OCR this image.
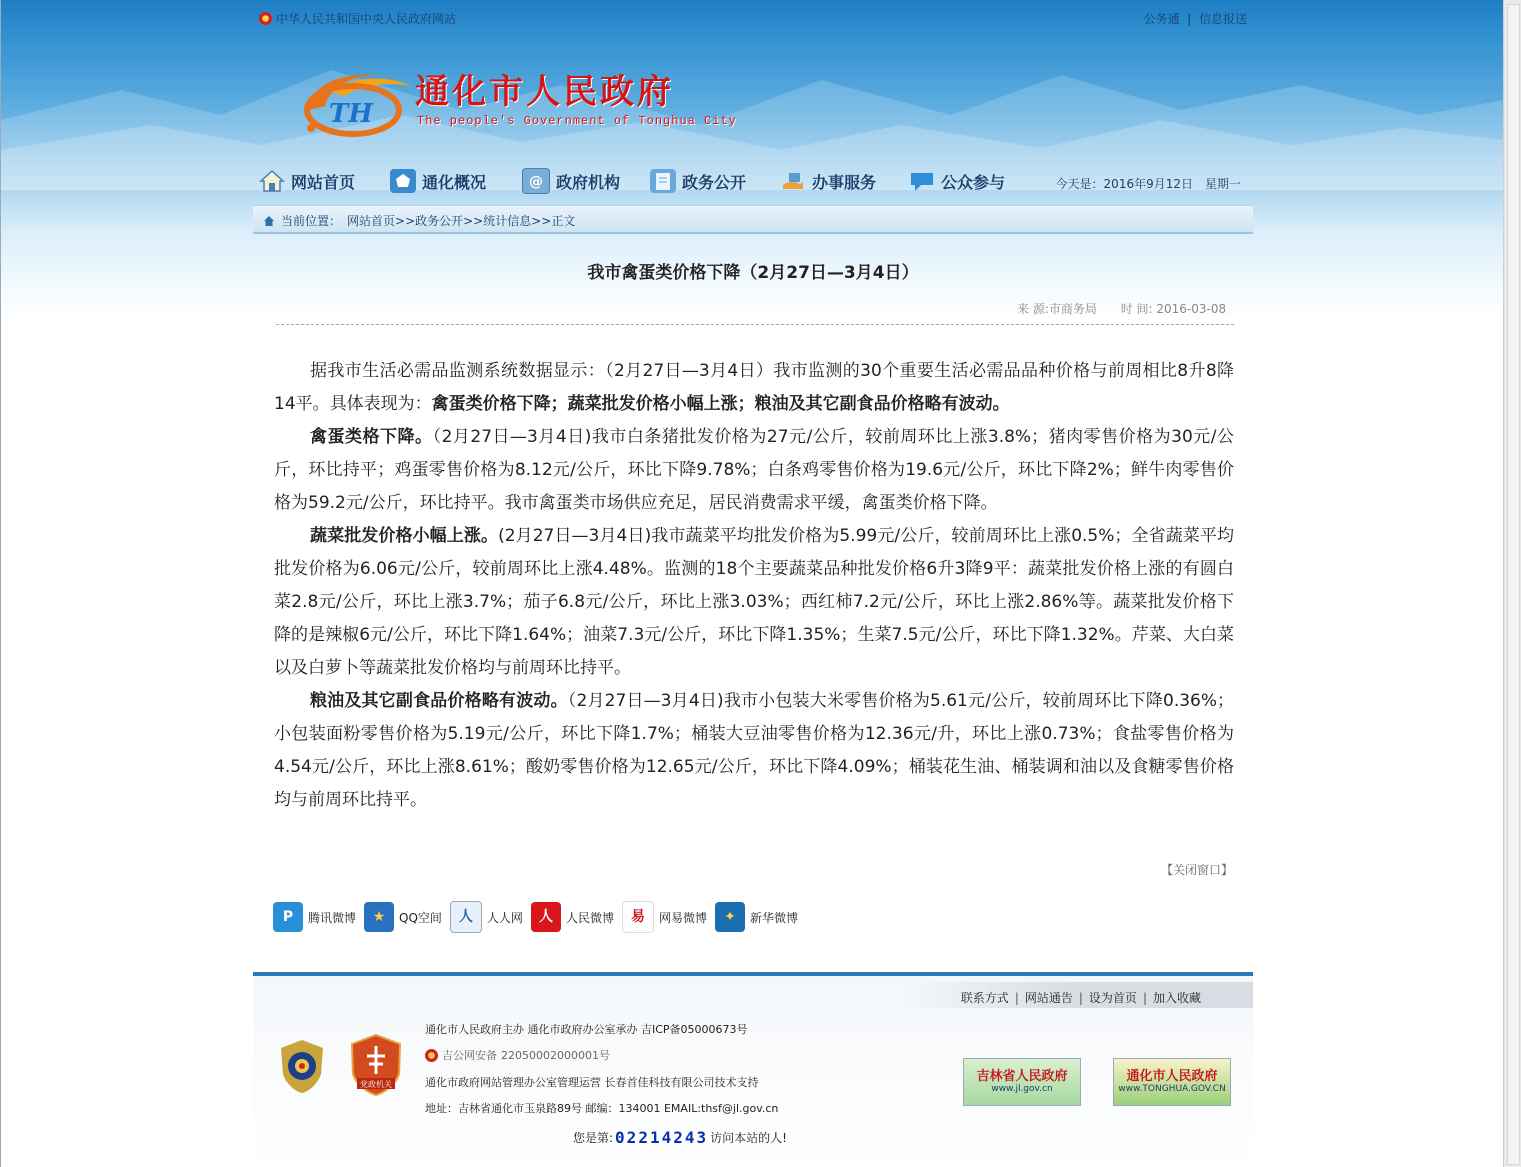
中华人民共和国中央人民政府网站	公务通  |  信息报送
TH
通化市人民政府
The people's Government of Tonghua City
网站首页	通化概况	@ 政府机构	政务公开	办事服务	公众参与	今天是：2016年9月12日　星期一
当前位置： 网站首页>>政务公开>>统计信息>>正文
我市禽蛋类价格下降（2月27日—3月4日）
来 源:市商务局 时 间: 2016-03-08

据我市生活必需品监测系统数据显示：（2月27日—3月4日）我市监测的30个重要生活必需品品种价格与前周相比8升8降14平。具体表现为：禽蛋类价格下降；蔬菜批发价格小幅上涨；粮油及其它副食品价格略有波动。

禽蛋类格下降。（2月27日—3月4日)我市白条猪批发价格为27元/公斤，较前周环比上涨3.8%；猪肉零售价格为30元/公斤，环比持平；鸡蛋零售价格为8.12元/公斤，环比下降9.78%；白条鸡零售价格为19.6元/公斤，环比下降2%；鲜牛肉零售价格为59.2元/公斤，环比持平。我市禽蛋类市场供应充足，居民消费需求平缓，禽蛋类价格下降。

蔬菜批发价格小幅上涨。(2月27日—3月4日)我市蔬菜平均批发价格为5.99元/公斤，较前周环比上涨0.5%；全省蔬菜平均批发价格为6.06元/公斤，较前周环比上涨4.48%。监测的18个主要蔬菜品种批发价格6升3降9平：蔬菜批发价格上涨的有圆白菜2.8元/公斤，环比上涨3.7%；茄子6.8元/公斤，环比上涨3.03%；西红柿7.2元/公斤，环比上涨2.86%等。蔬菜批发价格下降的是辣椒6元/公斤，环比下降1.64%；油菜7.3元/公斤，环比下降1.35%；生菜7.5元/公斤，环比下降1.32%。芹菜、大白菜以及白萝卜等蔬菜批发价格均与前周环比持平。

粮油及其它副食品价格略有波动。（2月27日—3月4日)我市小包装大米零售价格为5.61元/公斤，较前周环比下降0.36%；小包装面粉零售价格为5.19元/公斤，环比下降1.7%；桶装大豆油零售价格为12.36元/升，环比上涨0.73%；食盐零售价格为4.54元/公斤，环比上涨8.61%；酸奶零售价格为12.65元/公斤，环比下降4.09%；桶装花生油、桶装调和油以及食糖零售价格均与前周环比持平。

【关闭窗口】
P	腾讯微博	★	QQ空间	人	人人网	人	人民微博	易	网易微博	✦	新华微博
联系方式 | 网站通告 | 设为首页 | 加入收藏
党政机关
通化市人民政府主办 通化市政府办公室承办 吉ICP备05000673号
吉公网安备 22050002000001号
通化市政府网站管理办公室管理运营 长春首佳科技有限公司技术支持
地址：吉林省通化市玉泉路89号 邮编：134001 EMAIL:thsf@jl.gov.cn
吉林省人民政府
www.jl.gov.cn
通化市人民政府
www.TONGHUA.GOV.CN
您是第: 02214243 访问本站的人!
